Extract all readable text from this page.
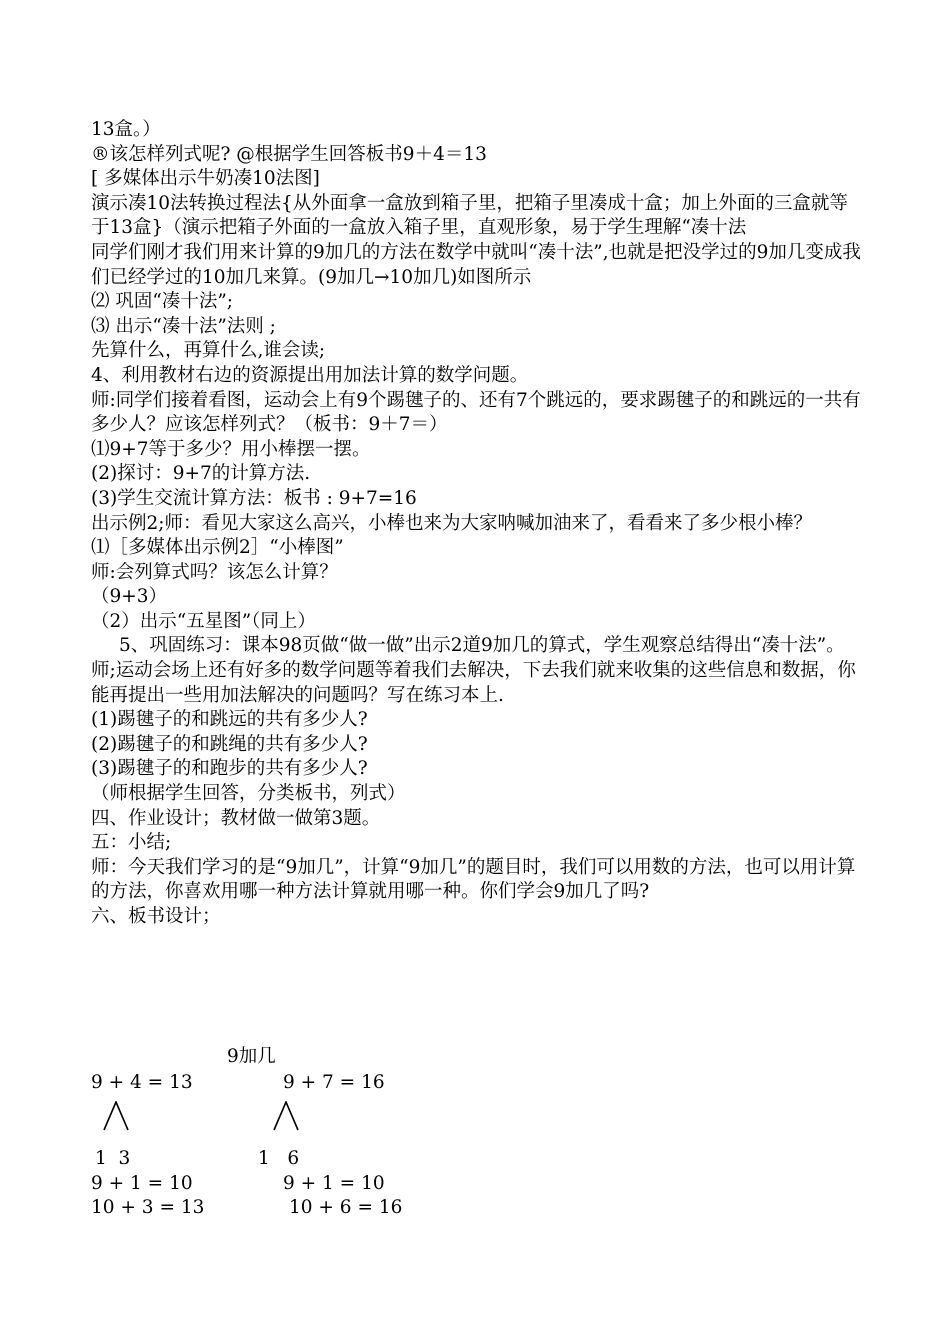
13盒。）

®该怎样列式呢? @根据学生回答板书9＋4＝13

[ 多媒体出示牛奶凑10法图]

演示凑10法转换过程法{从外面拿一盒放到箱子里，把箱子里凑成十盒；加上外面的三盒就等于13盒}（演示把箱子外面的一盒放入箱子里，直观形象，易于学生理解“凑十法

同学们刚才我们用来计算的9加几的方法在数学中就叫“凑十法”,也就是把没学过的9加几变成我们已经学过的10加几来算。(9加几→10加几)如图所示

⑵ 巩固“凑十法”;

⑶ 出示“凑十法”法则 ;

先算什么，再算什么,谁会读;

4、利用教材右边的资源提出用加法计算的数学问题。

师:同学们接着看图，运动会上有9个踢毽子的、还有7个跳远的，要求踢毽子的和跳远的一共有多少人？应该怎样列式？（板书：9＋7＝）

⑴9+7等于多少？用小棒摆一摆。

(2)探讨：9+7的计算方法.

(3)学生交流计算方法：板书 : 9+7=16

出示例2;师：看见大家这么高兴，小棒也来为大家呐喊加油来了，看看来了多少根小棒？

⑴［多媒体出示例2］“小棒图”

师:会列算式吗？该怎么计算？

（9+3）

（2）出示“五星图”（同上）

5、巩固练习：课本98页做“做一做”出示2道9加几的算式，学生观察总结得出“凑十法”。

师;运动会场上还有好多的数学问题等着我们去解决，下去我们就来收集的这些信息和数据，你能再提出一些用加法解决的问题吗？写在练习本上.

(1)踢毽子的和跳远的共有多少人?

(2)踢毽子的和跳绳的共有多少人?

(3)踢毽子的和跑步的共有多少人?

（师根据学生回答，分类板书，列式）

四、作业设计；教材做一做第3题。

五：小结;

师：今天我们学习的是“9加几”，计算“9加几”的题目时，我们可以用数的方法，也可以用计算的方法，你喜欢用哪一种方法计算就用哪一种。你们学会9加几了吗?

六、板书设计；

9加几
9 + 4 = 13	9 + 7 = 16
1  3	1   6
9 + 1 = 10	9 + 1 = 10
10 + 3 = 13	10 + 6 = 16
